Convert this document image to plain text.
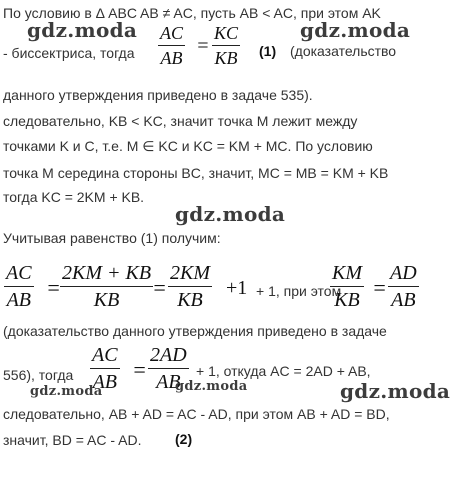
По условию в Δ ABC AB ≠ AC, пусть AB < AC, при этом AK
gdz.moda	gdz.moda
- биссектриса, тогда $\frac{AC}{AB} = \frac{KC}{KB} (1)$ (доказательство
данного утверждения приведено в задаче 535).
следовательно, KB < KC, значит точка M лежит между
точками K и C, т.е. M ∈ KC и KC = KM + MC. По условию
точка M середина стороны BC, значит, MC = MB = KM + KB
тогда KC = 2KM + KB.
gdz.moda
Учитывая равенство (1) получим:
$\frac{AC}{AB} = \frac{2KM + KB}{KB}$
= $\frac{2KM}{KB} +1 + 1$, при этом
$\frac{KM}{KB} = \frac{AD}{AB}$
(доказательство данного утверждения приведено в задаче
556), тогда $\frac{AC}{AB} = \frac{2AD}{AB} + 1$, откуда AC = 2AD + AB,
gdz.moda	gdz.moda	gdz.moda
следовательно, AB + AD = AC - AD, при этом AB + AD = BD,
значит, BD = AC - AD. (2)
